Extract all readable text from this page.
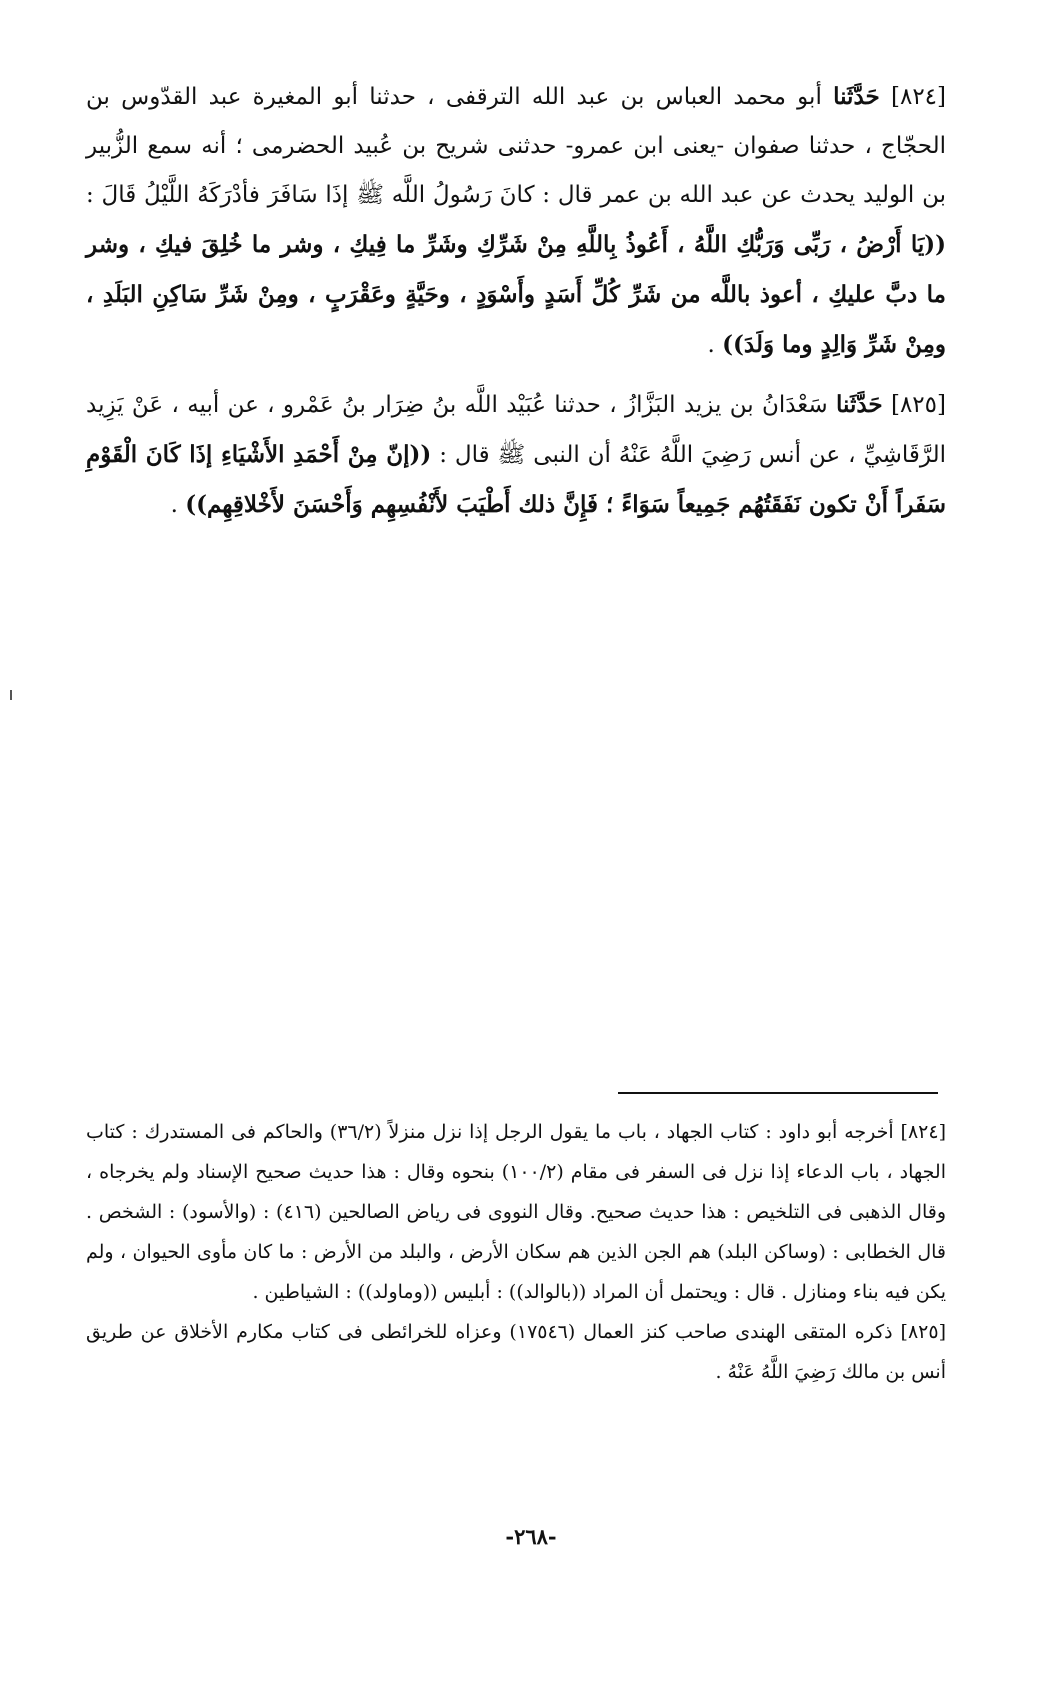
[٨٢٤] حَدَّثَنا أبو محمد العباس بن عبد الله الترقفى ، حدثنا أبو المغيرة عبد القدّوس بن الحجّاج ، حدثنا صفوان -يعنى ابن عمرو- حدثنى شريح بن عُبيد الحضرمى ؛ أنه سمع الزُّبير بن الوليد يحدث عن عبد الله بن عمر قال : كانَ رَسُولُ اللَّه ﷺ إذَا سَافَرَ فأدْرَكَهُ اللَّيْلُ قَالَ : ((يَا أَرْضُ ، رَبِّى وَرَبُّكِ اللَّهُ ، أَعُوذُ بِاللَّهِ مِنْ شَرِّكِ وشَرِّ ما فِيكِ ، وشر ما خُلِقَ فيكِ ، وشر ما دبَّ عليكِ ، أعوذ باللَّه من شَرِّ كُلِّ أَسَدٍ وأَسْوَدٍ ، وحَيَّةٍ وعَقْرَبٍ ، ومِنْ شَرِّ سَاكِنِ البَلَدِ ، ومِنْ شَرِّ وَالِدٍ وما وَلَدَ)) .

[٨٢٥] حَدَّثَنا سَعْدَانُ بن يزيد البَزَّازُ ، حدثنا عُبَيْد اللَّه بنُ ضِرَار بنُ عَمْرو ، عن أبيه ، عَنْ يَزِيد الرَّقَاشِيِّ ، عن أنس رَضِيَ اللَّهُ عَنْهُ أن النبى ﷺ قال : ((إنّ مِنْ أَحْمَدِ الأَشْيَاءِ إذَا كَانَ الْقَوْمِ سَفَراً أَنْ تكون نَفَقَتُهُم جَمِيعاً سَوَاءً ؛ فَإِنَّ ذلك أَطْيَبَ لأَنْفُسِهِم وَأَحْسَنَ لأَخْلاقِهِم)) .

[٨٢٤] أخرجه أبو داود : كتاب الجهاد ، باب ما يقول الرجل إذا نزل منزلاً (٣٦/٢) والحاكم فى المستدرك : كتاب الجهاد ، باب الدعاء إذا نزل فى السفر فى مقام (١٠٠/٢) بنحوه وقال : هذا حديث صحيح الإسناد ولم يخرجاه ، وقال الذهبى فى التلخيص : هذا حديث صحيح. وقال النووى فى رياض الصالحين (٤١٦) : (والأسود) : الشخص . قال الخطابى : (وساكن البلد) هم الجن الذين هم سكان الأرض ، والبلد من الأرض : ما كان مأوى الحيوان ، ولم يكن فيه بناء ومنازل . قال : ويحتمل أن المراد ((بالوالد)) : أبليس ((وماولد)) : الشياطين .

[٨٢٥] ذكره المتقى الهندى صاحب كنز العمال (١٧٥٤٦) وعزاه للخرائطى فى كتاب مكارم الأخلاق عن طريق أنس بن مالك رَضِيَ اللَّهُ عَنْهُ .

-٢٦٨-
